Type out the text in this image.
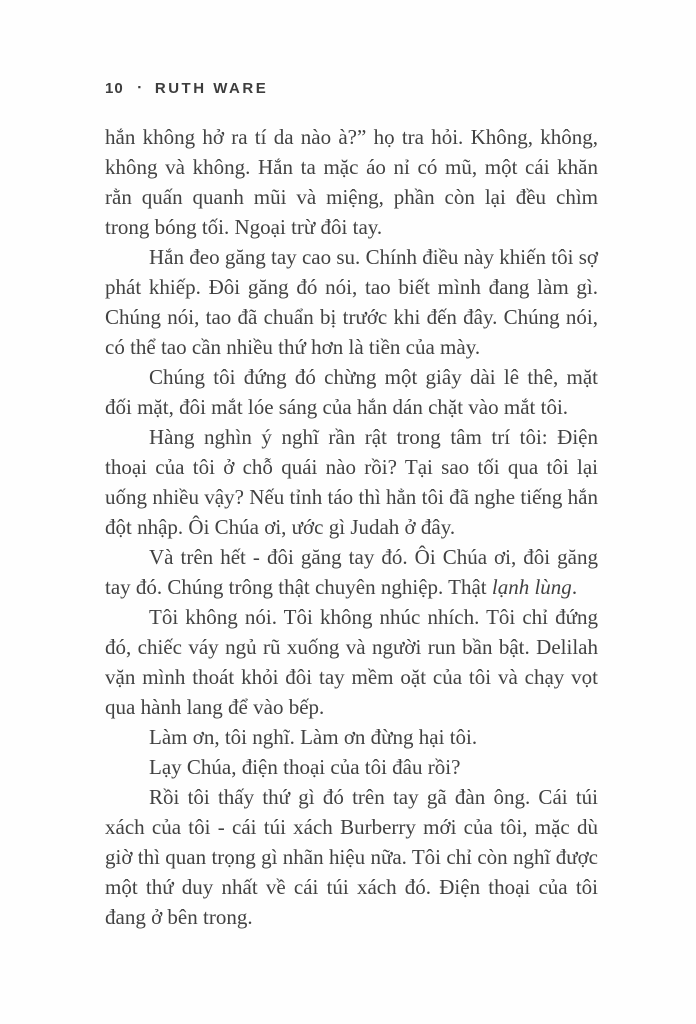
10 ▪ RUTH WARE

hắn không hở ra tí da nào à?” họ tra hỏi. Không, không, không và không. Hắn ta mặc áo nỉ có mũ, một cái khăn rằn quấn quanh mũi và miệng, phần còn lại đều chìm trong bóng tối. Ngoại trừ đôi tay.

Hắn đeo găng tay cao su. Chính điều này khiến tôi sợ phát khiếp. Đôi găng đó nói, tao biết mình đang làm gì. Chúng nói, tao đã chuẩn bị trước khi đến đây. Chúng nói, có thể tao cần nhiều thứ hơn là tiền của mày.

Chúng tôi đứng đó chừng một giây dài lê thê, mặt đối mặt, đôi mắt lóe sáng của hắn dán chặt vào mắt tôi.

Hàng nghìn ý nghĩ rần rật trong tâm trí tôi: Điện thoại của tôi ở chỗ quái nào rồi? Tại sao tối qua tôi lại uống nhiều vậy? Nếu tỉnh táo thì hẳn tôi đã nghe tiếng hắn đột nhập. Ôi Chúa ơi, ước gì Judah ở đây.

Và trên hết - đôi găng tay đó. Ôi Chúa ơi, đôi găng tay đó. Chúng trông thật chuyên nghiệp. Thật lạnh lùng.

Tôi không nói. Tôi không nhúc nhích. Tôi chỉ đứng đó, chiếc váy ngủ rũ xuống và người run bần bật. Delilah vặn mình thoát khỏi đôi tay mềm oặt của tôi và chạy vọt qua hành lang để vào bếp.

Làm ơn, tôi nghĩ. Làm ơn đừng hại tôi.

Lạy Chúa, điện thoại của tôi đâu rồi?

Rồi tôi thấy thứ gì đó trên tay gã đàn ông. Cái túi xách của tôi - cái túi xách Burberry mới của tôi, mặc dù giờ thì quan trọng gì nhãn hiệu nữa. Tôi chỉ còn nghĩ được một thứ duy nhất về cái túi xách đó. Điện thoại của tôi đang ở bên trong.
